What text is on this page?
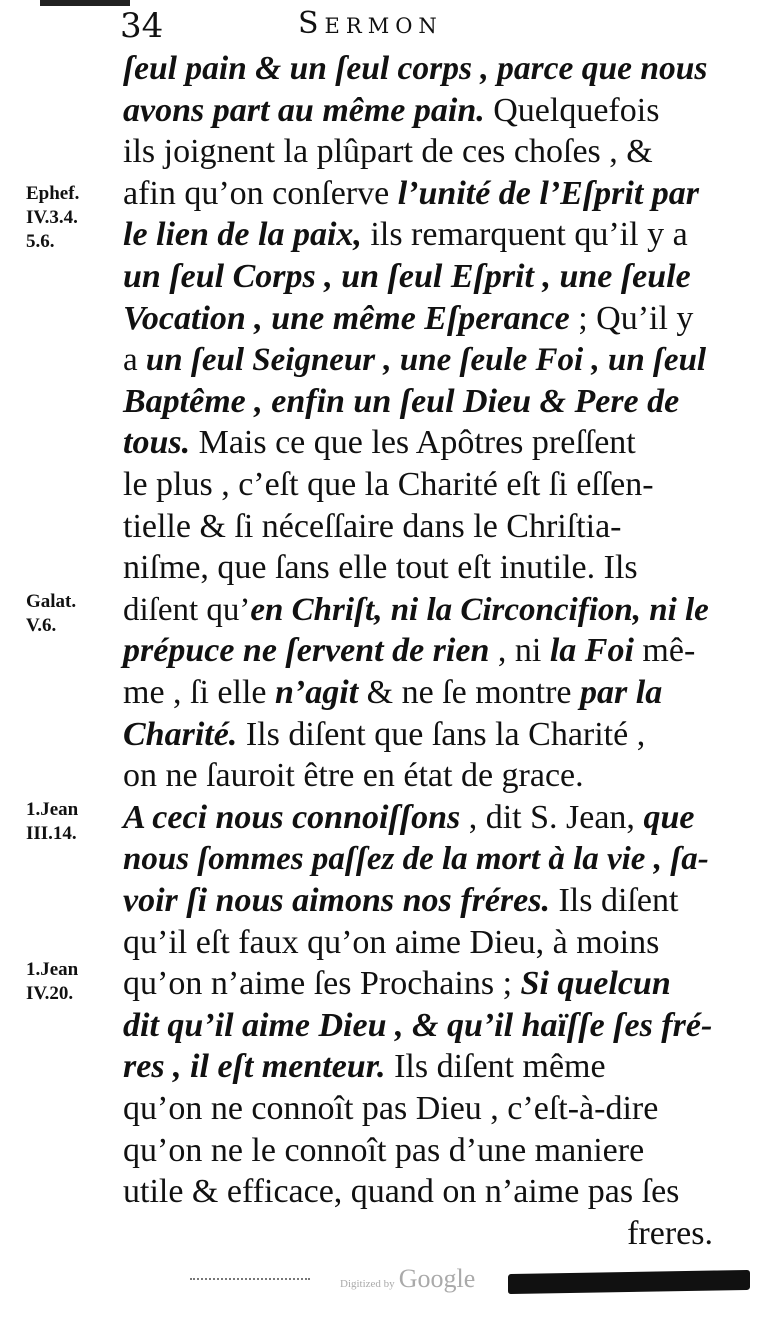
34	Sermon
Ephef. IV.3.4. 5.6.
Galat. V.6.
1.Jean III.14.
1.Jean IV.20.
ſeul pain & un ſeul corps , parce que nous
avons part au même pain. Quelquefois
ils joignent la plûpart de ces choſes , &
afin qu’on conſerve l’unité de l’Eſprit par
le lien de la paix, ils remarquent qu’il y a
un ſeul Corps , un ſeul Eſprit , une ſeule
Vocation , une même Eſperance ; Qu’il y
a un ſeul Seigneur , une ſeule Foi , un ſeul
Baptême , enfin un ſeul Dieu & Pere de
tous. Mais ce que les Apôtres preſſent
le plus , c’eſt que la Charité eſt ſi eſſen-
tielle & ſi néceſſaire dans le Chriſtia-
niſme, que ſans elle tout eſt inutile. Ils
diſent qu’en Chriſt, ni la Circoncifion, ni le
prépuce ne ſervent de rien , ni la Foi mê-
me , ſi elle n’agit & ne ſe montre par la
Charité. Ils diſent que ſans la Charité ,
on ne ſauroit être en état de grace.
A ceci nous connoiſſons , dit S. Jean, que
nous ſommes paſſez de la mort à la vie , ſa-
voir ſi nous aimons nos fréres. Ils diſent
qu’il eſt faux qu’on aime Dieu, à moins
qu’on n’aime ſes Prochains ; Si quelcun
dit qu’il aime Dieu , & qu’il haïſſe ſes fré-
res , il eſt menteur. Ils diſent même
qu’on ne connoît pas Dieu , c’eſt-à-dire
qu’on ne le connoît pas d’une maniere
utile & efficace, quand on n’aime pas ſes
freres.
Digitized by Google
